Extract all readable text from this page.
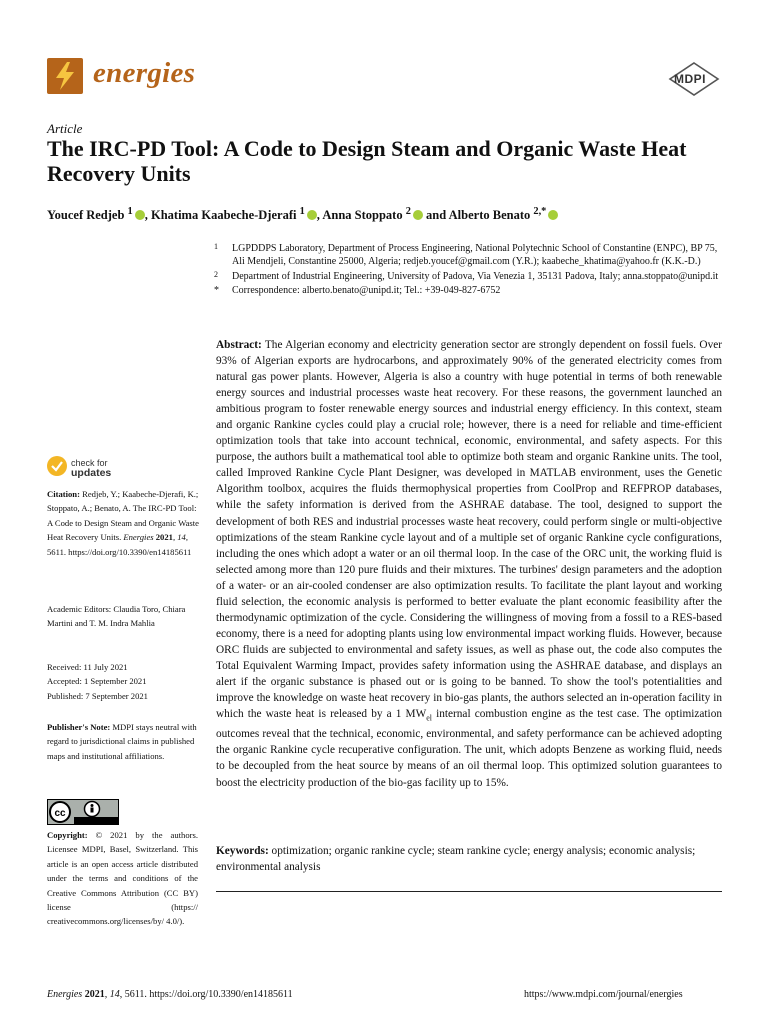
energies	MDPI
Article
The IRC-PD Tool: A Code to Design Steam and Organic Waste Heat Recovery Units
Youcef Redjeb $^1$ , Khatima Kaabeche-Djerafi $^1$ , Anna Stoppato $^2$ and Alberto Benato $^{2,*}$
1 LGPDDPS Laboratory, Department of Process Engineering, National Polytechnic School of Constantine (ENPC), BP 75, Ali Mendjeli, Constantine 25000, Algeria; redjeb.youcef@gmail.com (Y.R.); kaabeche_khatima@yahoo.fr (K.K.-D.)
2 Department of Industrial Engineering, University of Padova, Via Venezia 1, 35131 Padova, Italy; anna.stoppato@unipd.it
* Correspondence: alberto.benato@unipd.it; Tel.: +39-049-827-6752
Abstract: The Algerian economy and electricity generation sector are strongly dependent on fossil fuels. Over 93% of Algerian exports are hydrocarbons, and approximately 90% of the generated electricity comes from natural gas power plants. However, Algeria is also a country with huge potential in terms of both renewable energy sources and industrial processes waste heat recovery. For these reasons, the government launched an ambitious program to foster renewable energy sources and industrial energy efficiency. In this context, steam and organic Rankine cycles could play a crucial role; however, there is a need for reliable and time-efficient optimization tools that take into account technical, economic, environmental, and safety aspects. For this purpose, the authors built a mathematical tool able to optimize both steam and organic Rankine units. The tool, called Improved Rankine Cycle Plant Designer, was developed in MATLAB environment, uses the Genetic Algorithm toolbox, acquires the fluids thermophysical properties from CoolProp and REFPROP databases, while the safety information is derived from the ASHRAE database. The tool, designed to support the development of both RES and industrial processes waste heat recovery, could perform single or multi-objective optimizations of the steam Rankine cycle layout and of a multiple set of organic Rankine cycle configurations, including the ones which adopt a water or an oil thermal loop. In the case of the ORC unit, the working fluid is selected among more than 120 pure fluids and their mixtures. The turbines' design parameters and the adoption of a water- or an air-cooled condenser are also optimization results. To facilitate the plant layout and working fluid selection, the economic analysis is performed to better evaluate the plant economic feasibility after the thermodynamic optimization of the cycle. Considering the willingness of moving from a fossil to a RES-based economy, there is a need for adopting plants using low environmental impact working fluids. However, because ORC fluids are subjected to environmental and safety issues, as well as phase out, the code also computes the Total Equivalent Warming Impact, provides safety information using the ASHRAE database, and displays an alert if the organic substance is phased out or is going to be banned. To show the tool's potentialities and improve the knowledge on waste heat recovery in bio-gas plants, the authors selected an in-operation facility in which the waste heat is released by a 1 $MW_{el}$ internal combustion engine as the test case. The optimization outcomes reveal that the technical, economic, environmental, and safety performance can be achieved adopting the organic Rankine cycle recuperative configuration. The unit, which adopts Benzene as working fluid, needs to be decoupled from the heat source by means of an oil thermal loop. This optimized solution guarantees to boost the electricity production of the bio-gas facility up to 15%.
Keywords: optimization; organic rankine cycle; steam rankine cycle; energy analysis; economic analysis; environmental analysis
check for
updates
Citation: Redjeb, Y.; Kaabeche-Djerafi, K.; Stoppato, A.; Benato, A. The IRC-PD Tool: A Code to Design Steam and Organic Waste Heat Recovery Units. Energies 2021, 14, 5611. https://doi.org/10.3390/en14185611
Academic Editors: Claudia Toro, Chiara Martini and T. M. Indra Mahlia
Received: 11 July 2021
Accepted: 1 September 2021
Published: 7 September 2021
Publisher's Note: MDPI stays neutral with regard to jurisdictional claims in published maps and institutional affiliations.
cc
Copyright: © 2021 by the authors. Licensee MDPI, Basel, Switzerland. This article is an open access article distributed under the terms and conditions of the Creative Commons Attribution (CC BY) license (https:// creativecommons.org/licenses/by/ 4.0/).
Energies 2021, 14, 5611. https://doi.org/10.3390/en14185611	https://www.mdpi.com/journal/energies
